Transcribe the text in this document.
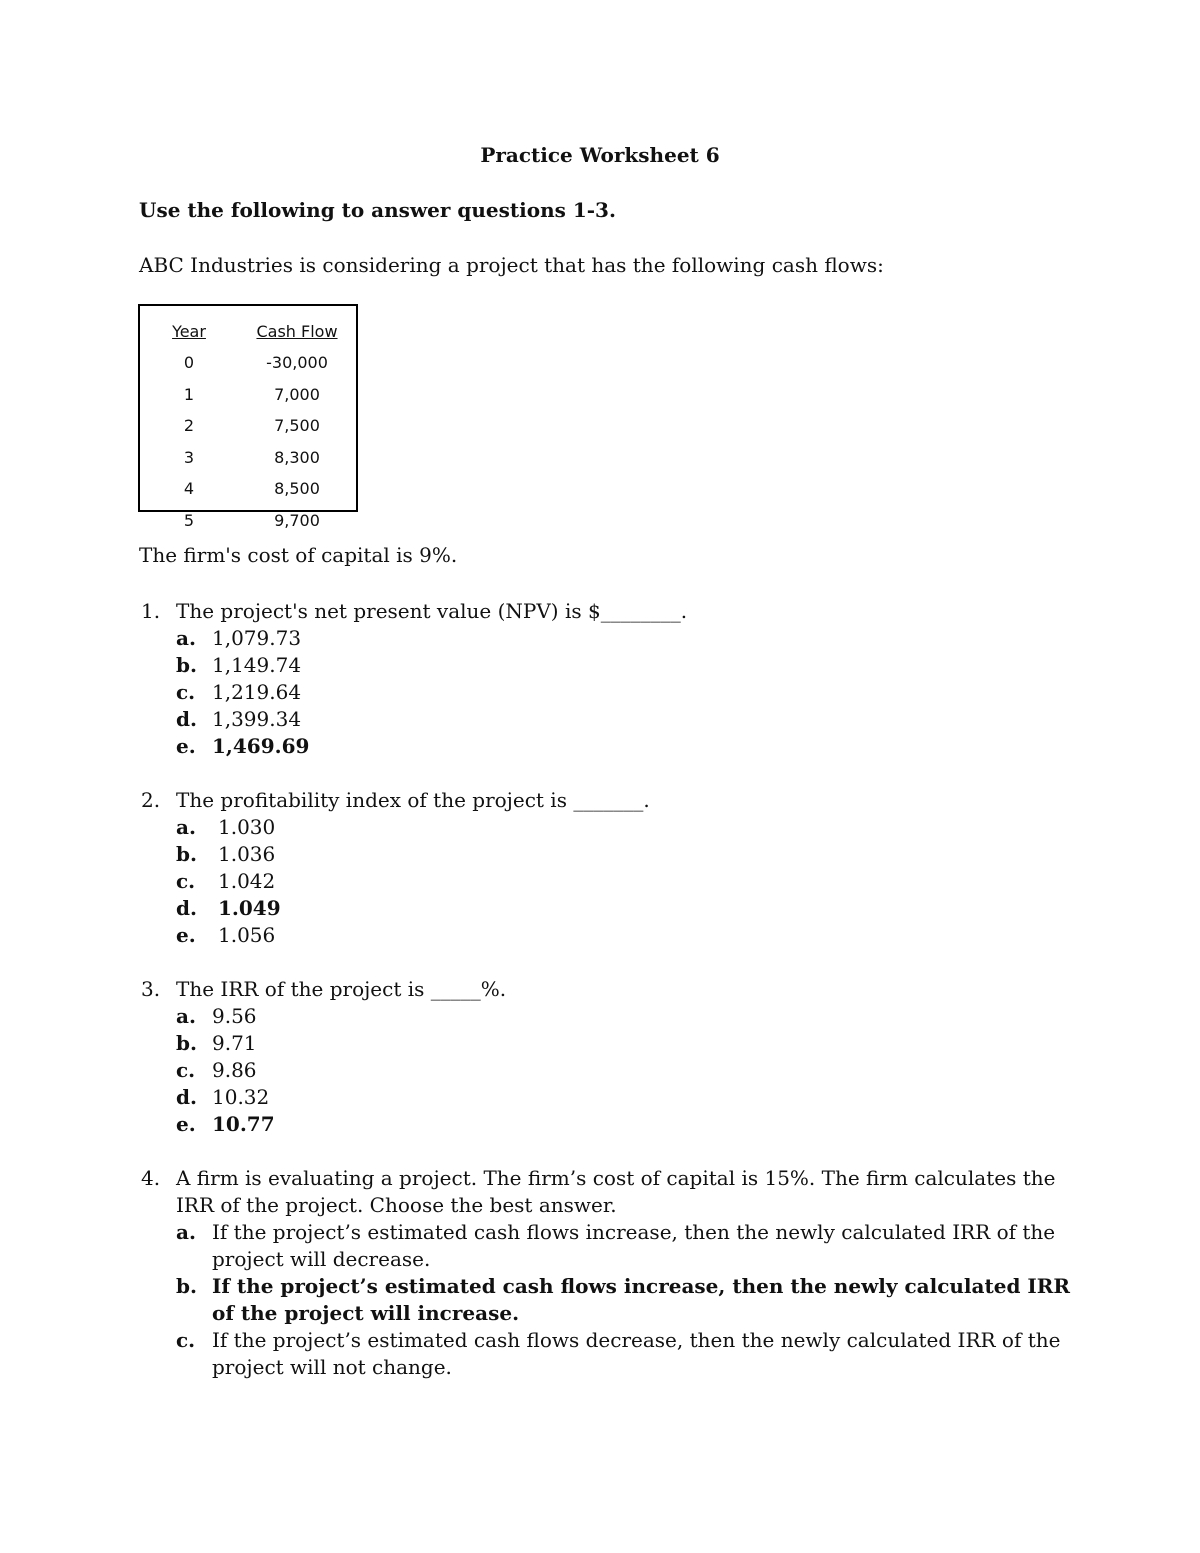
Practice Worksheet 6
Use the following to answer questions 1-3.
ABC Industries is considering a project that has the following cash flows:
Year	Cash Flow
0	-30,000
1	7,000
2	7,500
3	8,300
4	8,500
5	9,700
The firm's cost of capital is 9%.
1. The project's net present value (NPV) is $________.
a. 1,079.73
b. 1,149.74
c. 1,219.64
d. 1,399.34
e. 1,469.69
2. The profitability index of the project is _______.
a.	1.030
b.	1.036
c.	1.042
d.	1.049
e.	1.056
3. The IRR of the project is _____%.
a. 9.56
b. 9.71
c. 9.86
d. 10.32
e. 10.77
4. A firm is evaluating a project. The firm’s cost of capital is 15%. The firm calculates the IRR of the project. Choose the best answer.
a. If the project’s estimated cash flows increase, then the newly calculated IRR of the project will decrease.
b. If the project’s estimated cash flows increase, then the newly calculated IRR of the project will increase.
c. If the project’s estimated cash flows decrease, then the newly calculated IRR of the project will not change.
